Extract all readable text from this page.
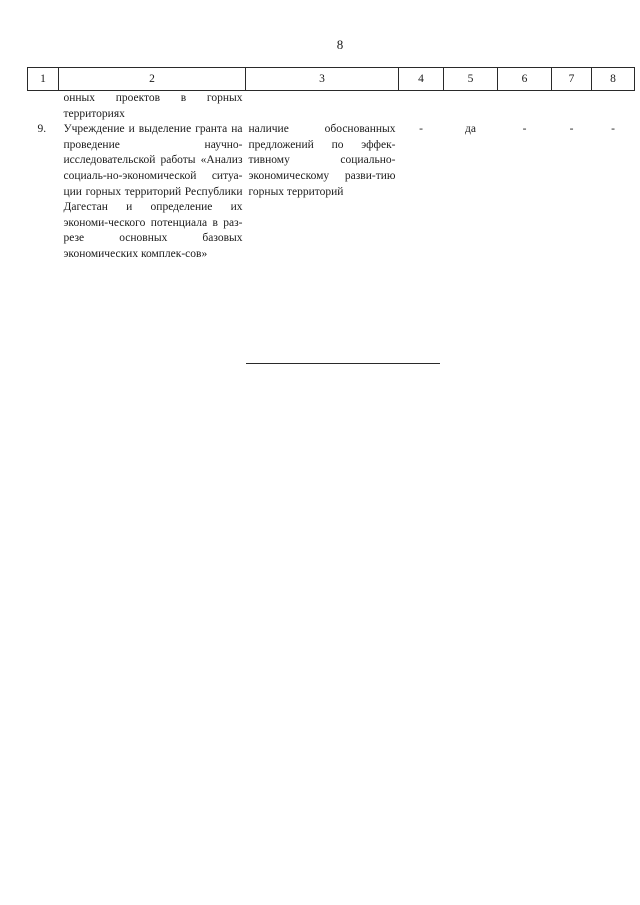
8
1	2	3	4	5	6	7	8

	онных проектов в горных территориях						

9.	Учреждение и выделение гранта на проведение научно-исследовательской работы «Анализ социаль-но-экономической ситуа-ции горных территорий Республики Дагестан и определение их экономи-ческого потенциала в раз-резе основных базовых экономических комплек-сов»	наличие обоснованных предложений по эффек-тивному социально-экономическому разви-тию горных территорий	-	да	-	-	-
